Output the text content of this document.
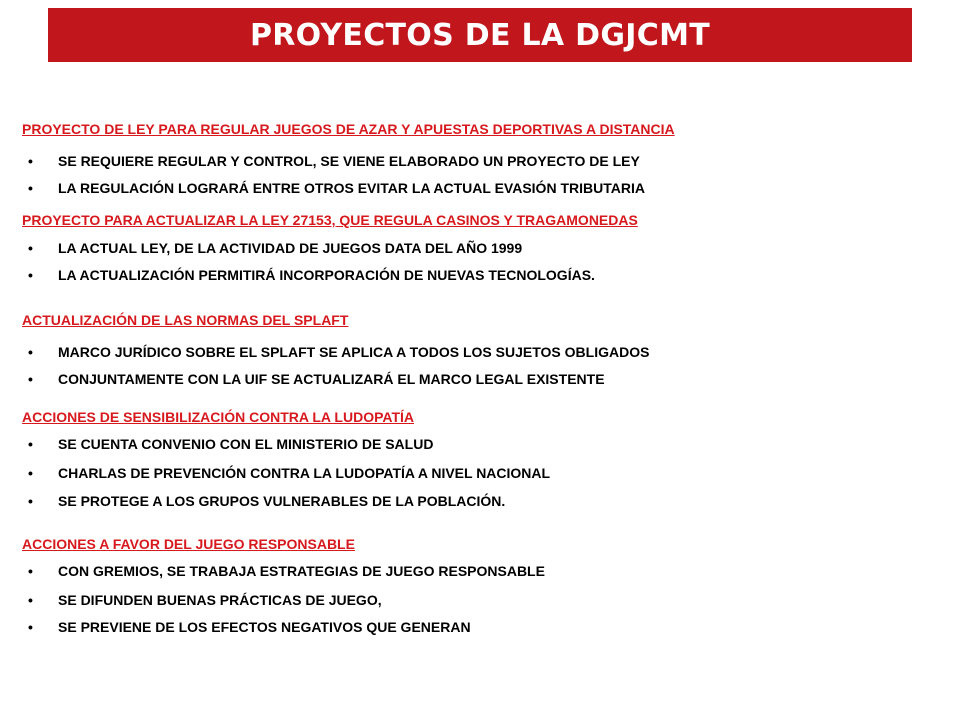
PROYECTOS DE LA DGJCMT

PROYECTO DE LEY PARA REGULAR JUEGOS DE AZAR Y APUESTAS DEPORTIVAS A DISTANCIA

• SE REQUIERE REGULAR Y CONTROL, SE VIENE ELABORADO UN PROYECTO DE LEY
• LA REGULACIÓN LOGRARÁ ENTRE OTROS EVITAR LA ACTUAL EVASIÓN TRIBUTARIA

PROYECTO PARA ACTUALIZAR LA LEY 27153, QUE REGULA CASINOS Y TRAGAMONEDAS

• LA ACTUAL LEY, DE LA ACTIVIDAD DE JUEGOS DATA DEL AÑO 1999
• LA ACTUALIZACIÓN PERMITIRÁ INCORPORACIÓN DE NUEVAS TECNOLOGÍAS.

ACTUALIZACIÓN DE LAS NORMAS DEL SPLAFT

• MARCO JURÍDICO SOBRE EL SPLAFT SE APLICA A TODOS LOS SUJETOS OBLIGADOS
• CONJUNTAMENTE CON LA UIF SE ACTUALIZARÁ EL MARCO LEGAL EXISTENTE

ACCIONES DE SENSIBILIZACIÓN CONTRA LA LUDOPATÍA

• SE CUENTA CONVENIO CON EL MINISTERIO DE SALUD
• CHARLAS DE PREVENCIÓN CONTRA LA LUDOPATÍA A NIVEL NACIONAL
• SE PROTEGE A LOS GRUPOS VULNERABLES DE LA POBLACIÓN.

ACCIONES A FAVOR DEL JUEGO RESPONSABLE

• CON GREMIOS, SE TRABAJA ESTRATEGIAS DE JUEGO RESPONSABLE
• SE DIFUNDEN BUENAS PRÁCTICAS DE JUEGO,
• SE PREVIENE DE LOS EFECTOS NEGATIVOS QUE GENERAN
